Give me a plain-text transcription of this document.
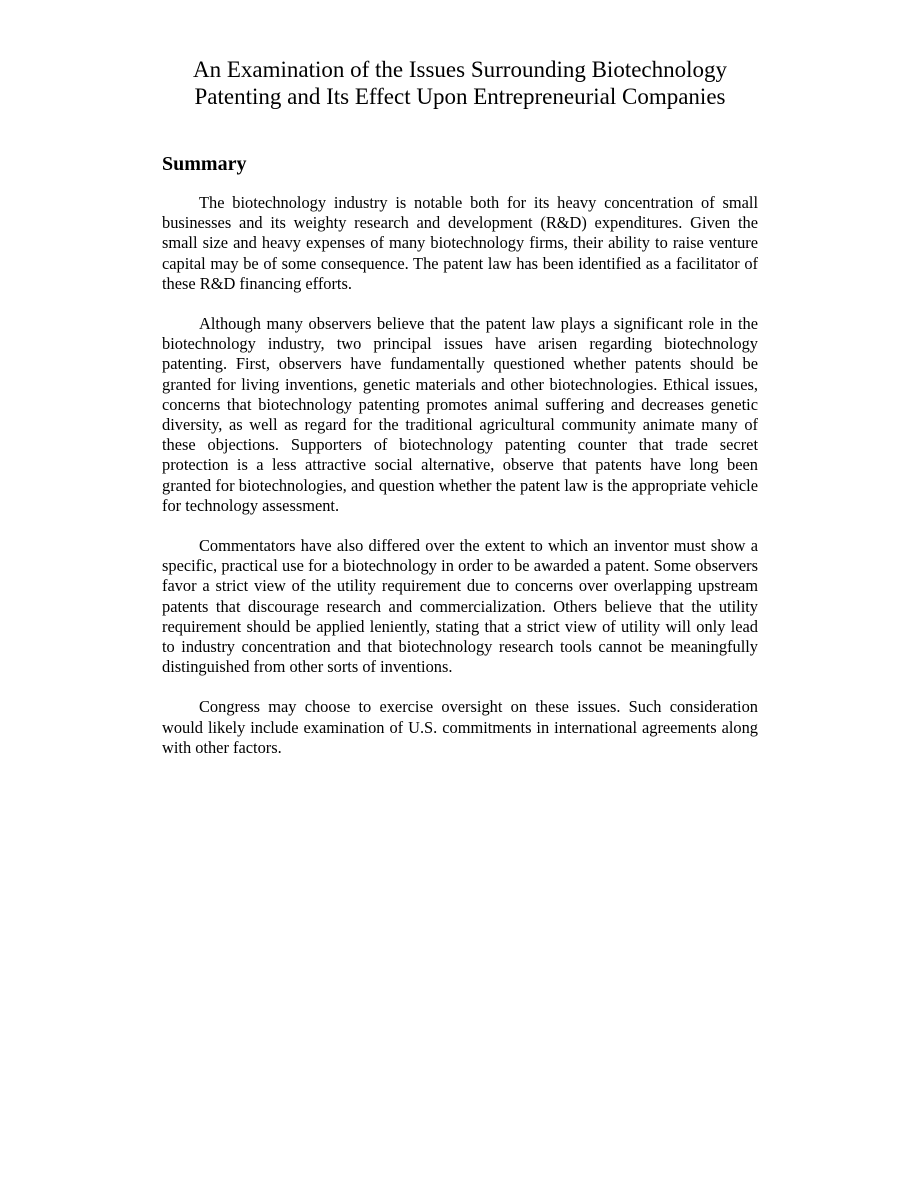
An Examination of the Issues Surrounding Biotechnology
Patenting and Its Effect Upon Entrepreneurial Companies
Summary

The biotechnology industry is notable both for its heavy concentration of small businesses and its weighty research and development (R&D) expenditures. Given the small size and heavy expenses of many biotechnology firms, their ability to raise venture capital may be of some consequence. The patent law has been identified as a facilitator of these R&D financing efforts.

Although many observers believe that the patent law plays a significant role in the biotechnology industry, two principal issues have arisen regarding biotechnology patenting. First, observers have fundamentally questioned whether patents should be granted for living inventions, genetic materials and other biotechnologies. Ethical issues, concerns that biotechnology patenting promotes animal suffering and decreases genetic diversity, as well as regard for the traditional agricultural community animate many of these objections. Supporters of biotechnology patenting counter that trade secret protection is a less attractive social alternative, observe that patents have long been granted for biotechnologies, and question whether the patent law is the appropriate vehicle for technology assessment.

Commentators have also differed over the extent to which an inventor must show a specific, practical use for a biotechnology in order to be awarded a patent. Some observers favor a strict view of the utility requirement due to concerns over overlapping upstream patents that discourage research and commercialization. Others believe that the utility requirement should be applied leniently, stating that a strict view of utility will only lead to industry concentration and that biotechnology research tools cannot be meaningfully distinguished from other sorts of inventions.

Congress may choose to exercise oversight on these issues. Such consideration would likely include examination of U.S. commitments in international agreements along with other factors.
